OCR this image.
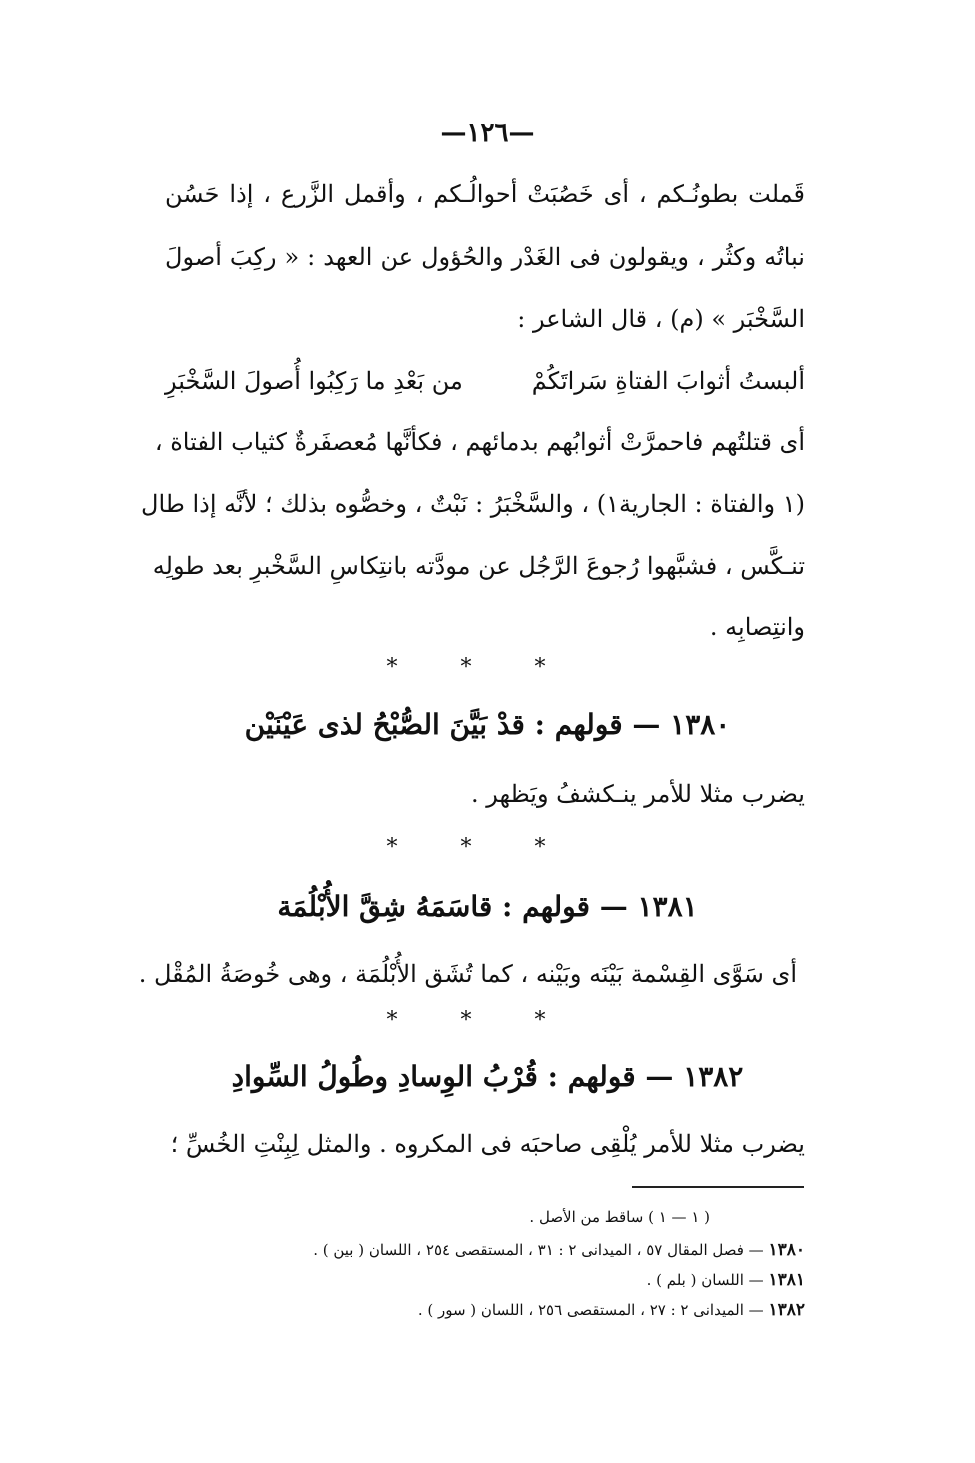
—١٢٦—
قَملت بطونُـكم ، أى خَصُبَتْ أحوالُـكم ، وأقمل الزَّرع ، إذا حَسُن
نباتُه وكثُر ، ويقولون فى الغَدْر والحُؤول عن العهد : « ركِبَ أصولَ
السَّخْبَر » (م) ، قال الشاعر :
ألبستُ أثوابَ الفتاةِ سَراتَكُمْ
من بَعْدِ ما رَكِبُوا أُصولَ السَّخْبَرِ
أى قتلتُهم فاحمرَّتْ أثوابُهم بدمائهم ، فكأنَّها مُعصفَرةٌ كثياب الفتاة ،
(١ والفتاة : الجارية١) ، والسَّخْبَرُ : نَبْتٌ ، وخصُّوه بذلك ؛ لأنَّه إذا طال
تنـكَّس ، فشبَّهوا رُجوعَ الرَّجُل عن مودَّته بانتِكاسِ السَّخْبرِ بعد طولِه
وانتِصابِه .
* * *
١٣٨٠ — قولهم : قدْ بَيَّنَ الصُّبْحُ لذى عَيْنَيْن
يضرب مثلا للأمر ينـكشفُ ويَظهر .
* * *
١٣٨١ — قولهم : قاسَمَهُ شِقَّ الأُبْلُمَة
أى سَوَّى القِسْمة بَيْنَه وبَيْنه ، كما تُشَق الأُبْلُمَة ، وهى خُوصَةُ المُقْل .
* * *
١٣٨٢ — قولهم : قُرْبُ الوِسادِ وطُولُ السِّوادِ
يضرب مثلا للأمر يُلْقِى صاحبَه فى المكروه . والمثل لِبِنْتِ الخُسِّ ؛
( ١ — ١ ) ساقط من الأصل .
١٣٨٠ — فصل المقال ٥٧ ، الميدانى ٢ : ٣١ ، المستقصى ٢٥٤ ، اللسان ( بين ) .
١٣٨١ — اللسان ( بلم ) .
١٣٨٢ — الميدانى ٢ : ٢٧ ، المستقصى ٢٥٦ ، اللسان ( سور ) .
